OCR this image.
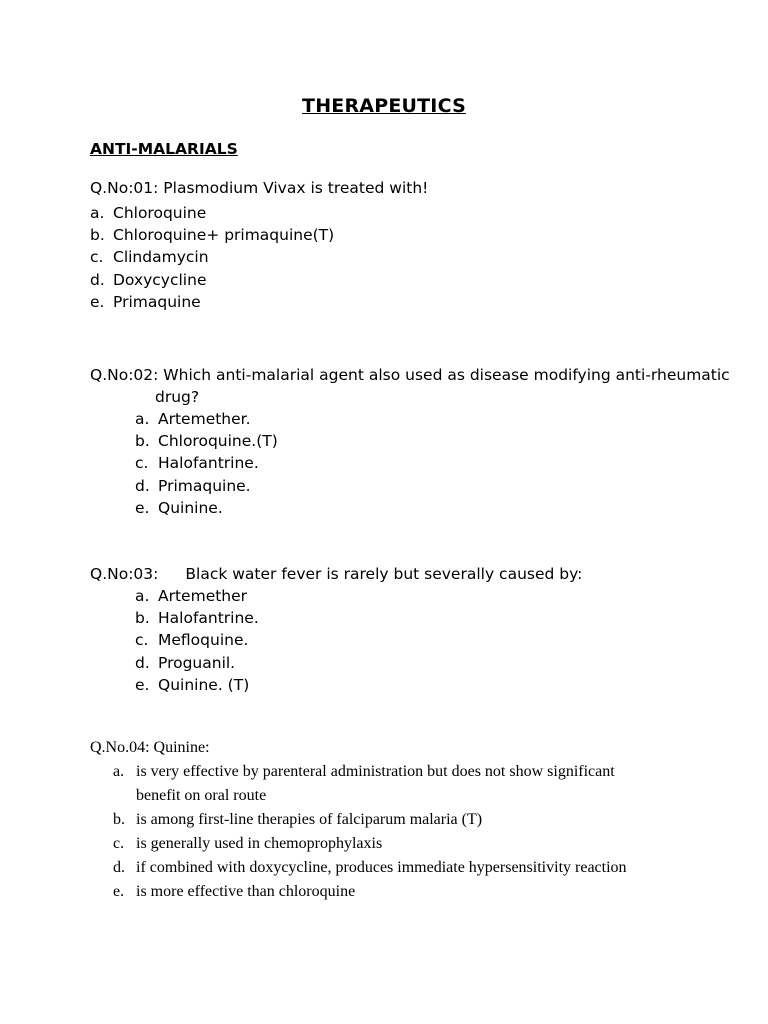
THERAPEUTICS
ANTI-MALARIALS
Q.No:01: Plasmodium Vivax is treated with!
a. Chloroquine
b. Chloroquine+ primaquine(T)
c. Clindamycin
d. Doxycycline
e. Primaquine
Q.No:02: Which anti-malarial agent also used as disease modifying anti-rheumatic
drug?
a. Artemether.
b. Chloroquine.(T)
c. Halofantrine.
d. Primaquine.
e. Quinine.
Q.No:03: Black water fever is rarely but severally caused by:
a. Artemether
b. Halofantrine.
c. Mefloquine.
d. Proguanil.
e. Quinine. (T)
Q.No.04: Quinine:
a. is very effective by parenteral administration but does not show significant
benefit on oral route
b. is among first-line therapies of falciparum malaria (T)
c. is generally used in chemoprophylaxis
d. if combined with doxycycline, produces immediate hypersensitivity reaction
e. is more effective than chloroquine
